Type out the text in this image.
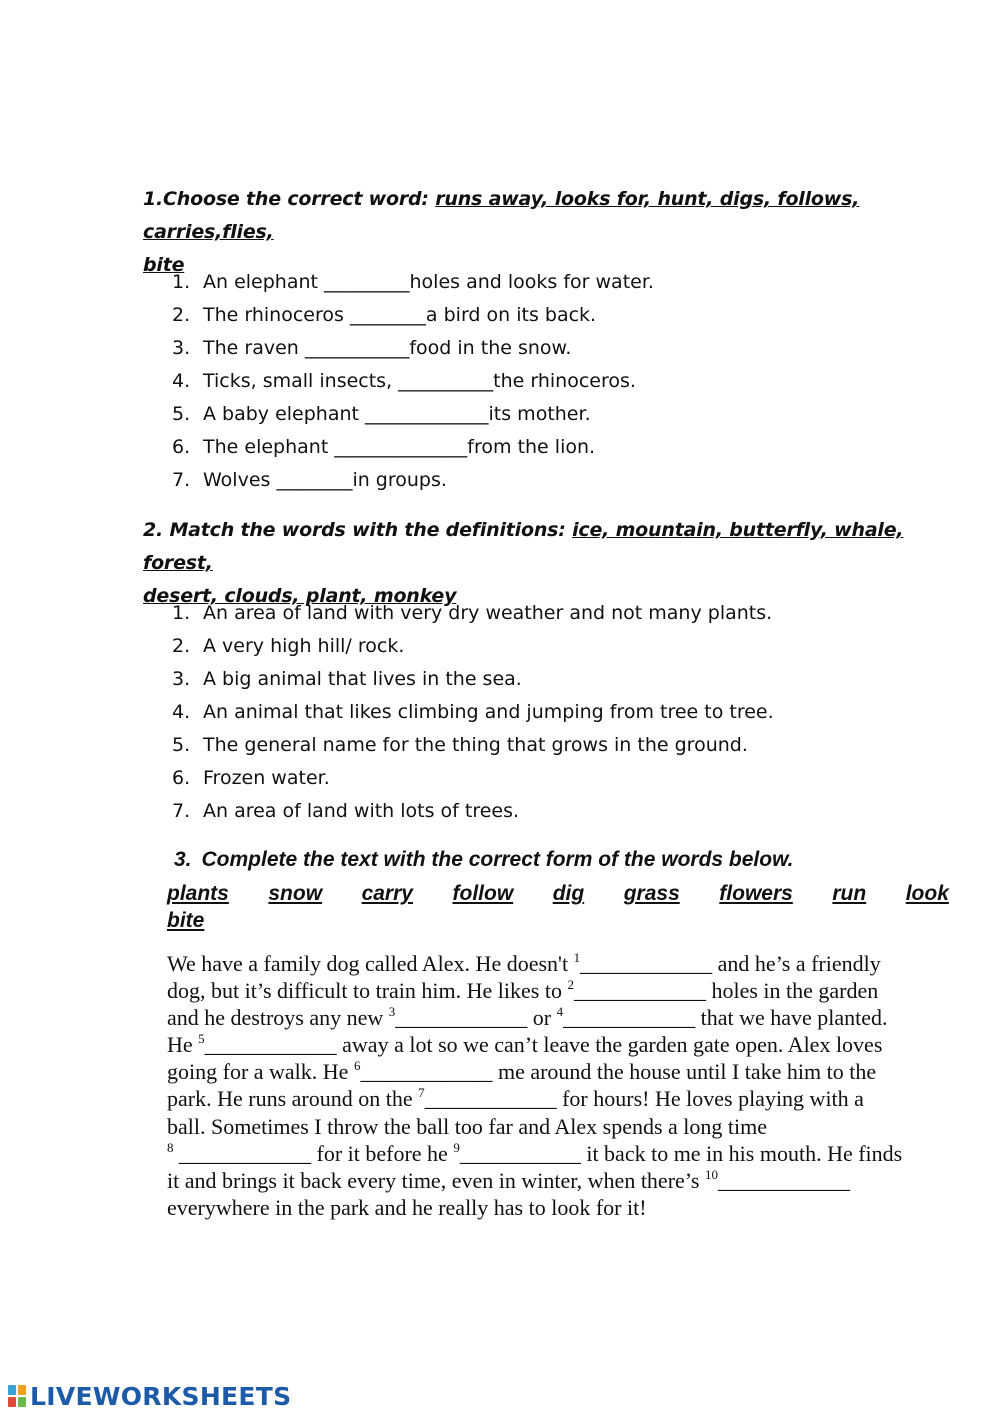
1.Choose the correct word: runs away, looks for, hunt, digs, follows, carries,flies,
bite
1. An elephant _________holes and looks for water.
2. The rhinoceros ________a bird on its back.
3. The raven ___________food in the snow.
4. Ticks, small insects, __________the rhinoceros.
5. A baby elephant _____________its mother.
6. The elephant ______________from the lion.
7. Wolves ________in groups.
2. Match the words with the definitions: ice, mountain, butterfly, whale, forest,
desert, clouds, plant, monkey
1. An area of land with very dry weather and not many plants.
2. A very high hill/ rock.
3. A big animal that lives in the sea.
4. An animal that likes climbing and jumping from tree to tree.
5. The general name for the thing that grows in the ground.
6. Frozen water.
7. An area of land with lots of trees.
3. Complete the text with the correct form of the words below.
plants snow carry follow dig grass flowers run look
bite
We have a family dog called Alex. He doesn't $^1$____________ and he’s a friendly
dog, but it’s difficult to train him. He likes to $^2$____________ holes in the garden
and he destroys any new $^3$____________ or $^4$____________ that we have planted.
He $^5$____________ away a lot so we can’t leave the garden gate open. Alex loves
going for a walk. He $^6$____________ me around the house until I take him to the
park. He runs around on the $^7$____________ for hours! He loves playing with a
ball. Sometimes I throw the ball too far and Alex spends a long time
$^8$ ____________ for it before he $^9$___________ it back to me in his mouth. He finds
it and brings it back every time, even in winter, when there’s $^{10}$____________
everywhere in the park and he really has to look for it!
LIVEWORKSHEETS
